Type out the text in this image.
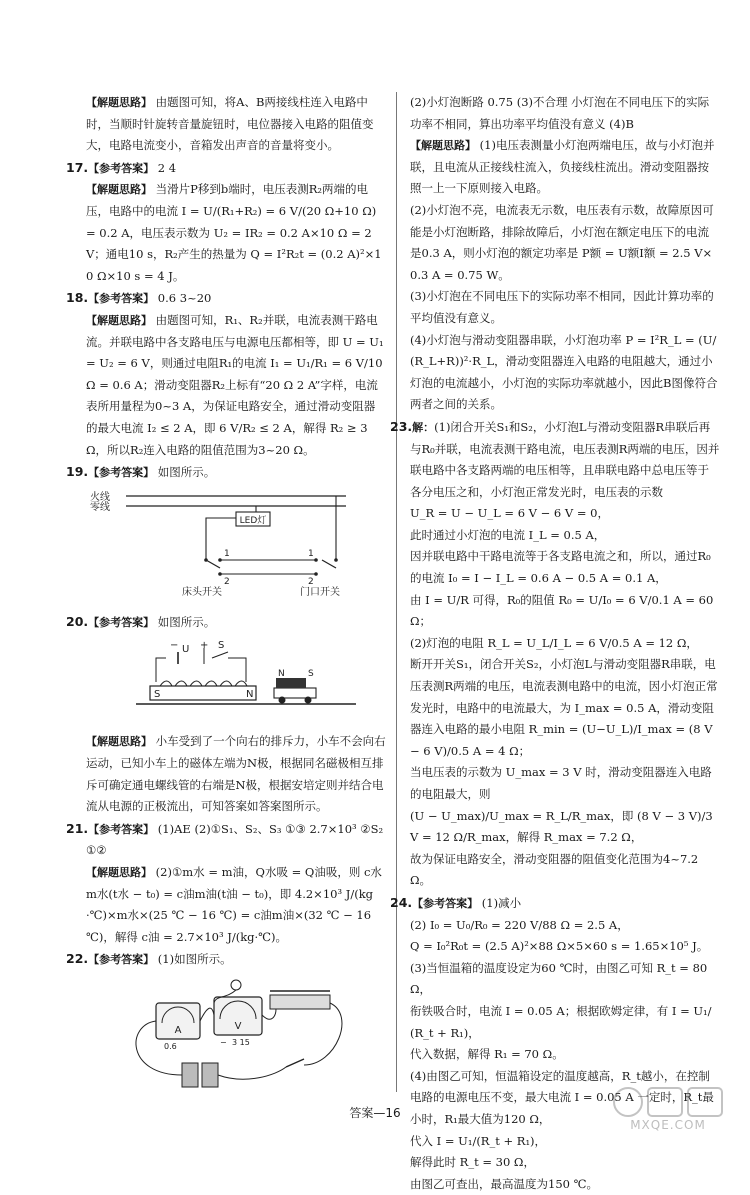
【解题思路】 由题图可知，将A、B两接线柱连入电路中时，当顺时针旋转音量旋钮时，电位器接入电路的阻值变大，电路电流变小，音箱发出声音的音量将变小。

17.【参考答案】 2 4

【解题思路】 当滑片P移到b端时，电压表测R₂两端的电压，电路中的电流 I = U/(R₁+R₂) = 6 V/(20 Ω+10 Ω) = 0.2 A，电压表示数为 U₂ = IR₂ = 0.2 A×10 Ω = 2 V；通电10 s，R₂产生的热量为 Q = I²R₂t = (0.2 A)²×10 Ω×10 s = 4 J。

18.【参考答案】 0.6 3~20

【解题思路】 由题图可知，R₁、R₂并联，电流表测干路电流。并联电路中各支路电压与电源电压都相等，即 U = U₁ = U₂ = 6 V，则通过电阻R₁的电流 I₁ = U₁/R₁ = 6 V/10 Ω = 0.6 A；滑动变阻器R₂上标有“20 Ω 2 A”字样，电流表所用量程为0~3 A，为保证电路安全，通过滑动变阻器的最大电流 I₂ ≤ 2 A，即 6 V/R₂ ≤ 2 A，解得 R₂ ≥ 3 Ω，所以R₂连入电路的阻值范围为3~20 Ω。

19.【参考答案】 如图所示。

火线
零线
LED灯
1
2
1
2
床头开关	门口开关

20.【参考答案】 如图所示。

− U + S
S	N
N	S

【解题思路】 小车受到了一个向右的排斥力，小车不会向右运动，已知小车上的磁体左端为N极，根据同名磁极相互排斥可确定通电螺线管的右端是N极，根据安培定则并结合电流从电源的正极流出，可知答案如答案图所示。

21.【参考答案】 (1)AE (2)①S₁、S₂、S₃ ①③ 2.7×10³ ②S₂ ①②

【解题思路】 (2)①m水 = m油，Q水吸 = Q油吸，则 c水m水(t水 − t₀) = c油m油(t油 − t₀)，即 4.2×10³ J/(kg·℃)×m水×(25 ℃ − 16 ℃) = c油m油×(32 ℃ − 16 ℃)，解得 c油 = 2.7×10³ J/(kg·℃)。

22.【参考答案】 (1)如图所示。

A
0.6
V
− 3 15

(2)小灯泡断路 0.75 (3)不合理 小灯泡在不同电压下的实际功率不相同，算出功率平均值没有意义 (4)B

【解题思路】 (1)电压表测量小灯泡两端电压，故与小灯泡并联，且电流从正接线柱流入，负接线柱流出。滑动变阻器按照一上一下原则接入电路。

(2)小灯泡不亮，电流表无示数，电压表有示数，故障原因可能是小灯泡断路，排除故障后，小灯泡在额定电压下的电流是0.3 A，则小灯泡的额定功率是 P额 = U额I额 = 2.5 V×0.3 A = 0.75 W。

(3)小灯泡在不同电压下的实际功率不相同，因此计算功率的平均值没有意义。

(4)小灯泡与滑动变阻器串联，小灯泡功率 P = I²R_L = (U/(R_L+R))²·R_L，滑动变阻器连入电路的电阻越大，通过小灯泡的电流越小，小灯泡的实际功率就越小，因此B图像符合两者之间的关系。

23.解：(1)闭合开关S₁和S₂，小灯泡L与滑动变阻器R串联后再与R₀并联，电流表测干路电流，电压表测R两端的电压，因并联电路中各支路两端的电压相等，且串联电路中总电压等于各分电压之和，小灯泡正常发光时，电压表的示数

U_R = U − U_L = 6 V − 6 V = 0，

此时通过小灯泡的电流 I_L = 0.5 A，

因并联电路中干路电流等于各支路电流之和，所以，通过R₀的电流 I₀ = I − I_L = 0.6 A − 0.5 A = 0.1 A，

由 I = U/R 可得，R₀的阻值 R₀ = U/I₀ = 6 V/0.1 A = 60 Ω；

(2)灯泡的电阻 R_L = U_L/I_L = 6 V/0.5 A = 12 Ω，

断开开关S₁，闭合开关S₂，小灯泡L与滑动变阻器R串联，电压表测R两端的电压，电流表测电路中的电流，因小灯泡正常发光时，电路中的电流最大，为 I_max = 0.5 A，滑动变阻器连入电路的最小电阻 R_min = (U−U_L)/I_max = (8 V − 6 V)/0.5 A = 4 Ω；

当电压表的示数为 U_max = 3 V 时，滑动变阻器连入电路的电阻最大，则

(U − U_max)/U_max = R_L/R_max，即 (8 V − 3 V)/3 V = 12 Ω/R_max，解得 R_max = 7.2 Ω，

故为保证电路安全，滑动变阻器的阻值变化范围为4~7.2 Ω。

24.【参考答案】 (1)减小

(2) I₀ = U₀/R₀ = 220 V/88 Ω = 2.5 A，

Q = I₀²R₀t = (2.5 A)²×88 Ω×5×60 s = 1.65×10⁵ J。

(3)当恒温箱的温度设定为60 ℃时，由图乙可知 R_t = 80 Ω，

衔铁吸合时，电流 I = 0.05 A；根据欧姆定律，有 I = U₁/(R_t + R₁)，

代入数据，解得 R₁ = 70 Ω。

(4)由图乙可知，恒温箱设定的温度越高，R_t越小，在控制电路的电源电压不变，最大电流 I = 0.05 A 一定时，R_t最小时，R₁最大值为120 Ω，

代入 I = U₁/(R_t + R₁)，

解得此时 R_t = 30 Ω，

由图乙可查出，最高温度为150 ℃。

答案—16
MXQE.COM
